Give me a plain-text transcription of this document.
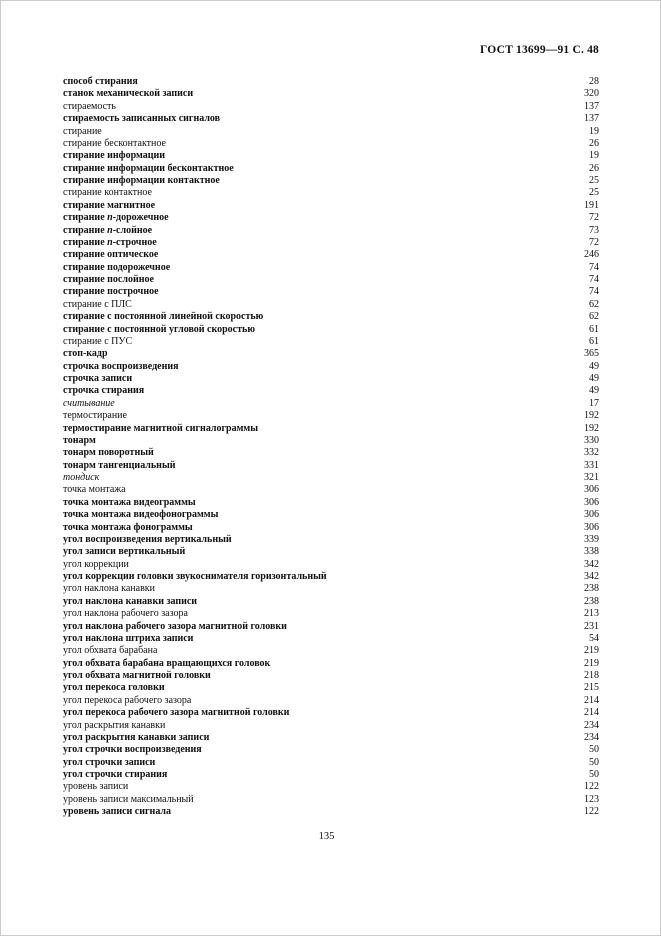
ГОСТ 13699—91 С. 48
способ стирания	28
станок механической записи	320
стираемость	137
стираемость записанных сигналов	137
стирание	19
стирание бесконтактное	26
стирание информации	19
стирание информации бесконтактное	26
стирание информации контактное	25
стирание контактное	25
стирание магнитное	191
стирание n-дорожечное	72
стирание n-слойное	73
стирание n-строчное	72
стирание оптическое	246
стирание подорожечное	74
стирание послойное	74
стирание построчное	74
стирание с ПЛС	62
стирание с постоянной линейной скоростью	62
стирание с постоянной угловой скоростью	61
стирание с ПУС	61
стоп-кадр	365
строчка воспроизведения	49
строчка записи	49
строчка стирания	49
считывание	17
термостирание	192
термостирание магнитной сигналограммы	192
тонарм	330
тонарм поворотный	332
тонарм тангенциальный	331
тондиск	321
точка монтажа	306
точка монтажа видеограммы	306
точка монтажа видеофонограммы	306
точка монтажа фонограммы	306
угол воспроизведения вертикальный	339
угол записи вертикальный	338
угол коррекции	342
угол коррекции головки звукоснимателя горизонтальный	342
угол наклона канавки	238
угол наклона канавки записи	238
угол наклона рабочего зазора	213
угол наклона рабочего зазора магнитной головки	231
угол наклона штриха записи	54
угол обхвата барабана	219
угол обхвата барабана вращающихся головок	219
угол обхвата магнитной головки	218
угол перекоса головки	215
угол перекоса рабочего зазора	214
угол перекоса рабочего зазора магнитной головки	214
угол раскрытия канавки	234
угол раскрытия канавки записи	234
угол строчки воспроизведения	50
угол строчки записи	50
угол строчки стирания	50
уровень записи	122
уровень записи максимальный	123
уровень записи сигнала	122
135
